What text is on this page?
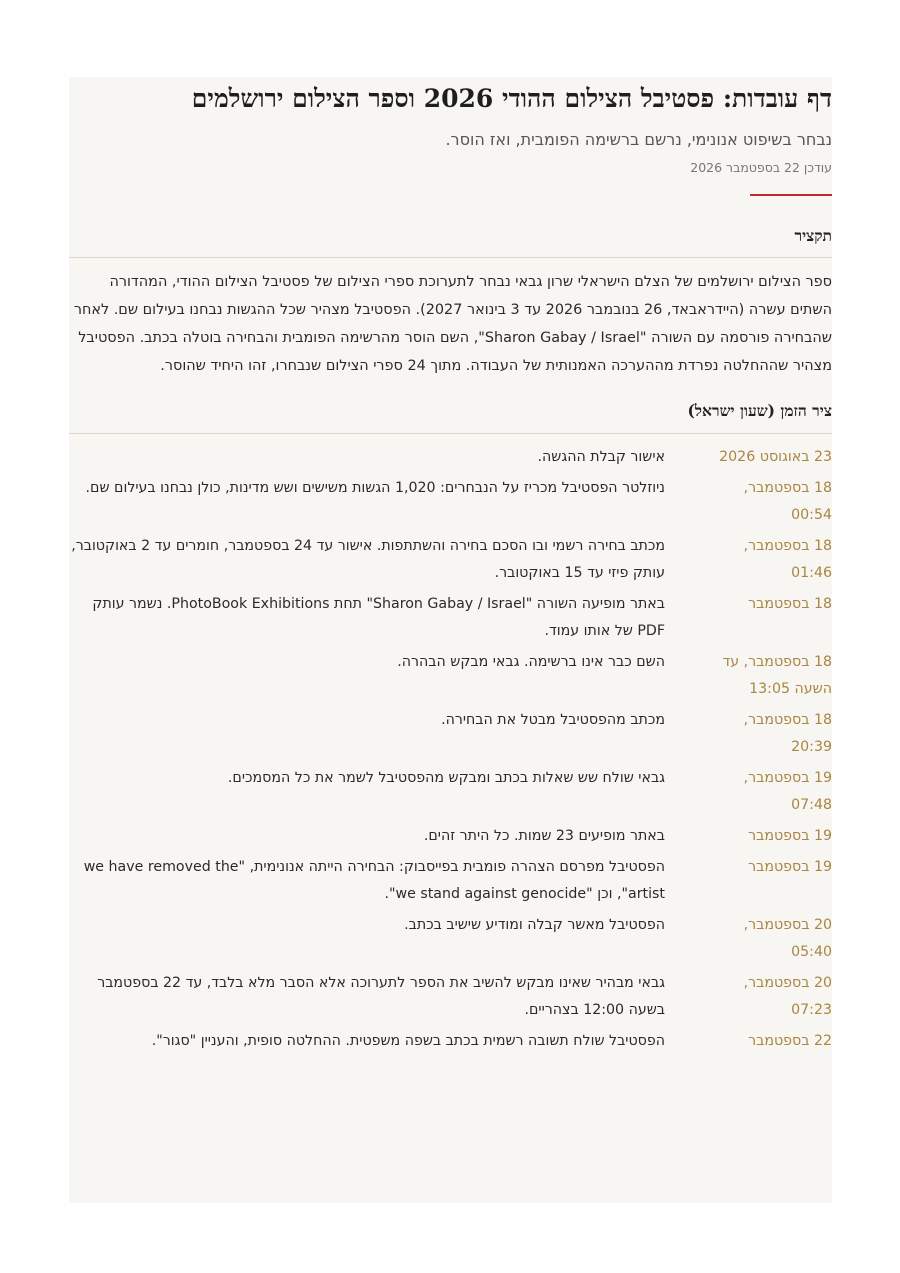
דף עובדות: פסטיבל הצילום ההודי 2026 וספר הצילום ירושלמים
נבחר בשיפוט אנונימי, נרשם ברשימה הפומבית, ואז הוסר.
עודכן 22 בספטמבר 2026
תקציר

ספר הצילום ירושלמים של הצלם הישראלי שרון גבאי נבחר לתערוכת ספרי הצילום של פסטיבל הצילום ההודי, המהדורה השתים עשרה (היידראבאד, 26 בנובמבר 2026 עד 3 בינואר 2027). הפסטיבל מצהיר שכל ההגשות נבחנו בעילום שם. לאחר שהבחירה פורסמה עם השורה "Sharon Gabay / Israel", השם הוסר מהרשימה הפומבית והבחירה בוטלה בכתב. הפסטיבל מצהיר שההחלטה נפרדת מההערכה האמנותית של העבודה. מתוך 24 ספרי הצילום שנבחרו, זהו היחיד שהוסר.

ציר הזמן (שעון ישראל)
23 באוגוסט 2026
אישור קבלת ההגשה.
18 בספטמבר, 00:54
ניוזלטר הפסטיבל מכריז על הנבחרים: 1,020 הגשות משישים ושש מדינות, כולן נבחנו בעילום שם.
18 בספטמבר, 01:46
מכתב בחירה רשמי ובו הסכם בחירה והשתתפות. אישור עד 24 בספטמבר, חומרים עד 2 באוקטובר, עותק פיזי עד 15 באוקטובר.
18 בספטמבר
באתר מופיעה השורה "Sharon Gabay / Israel" תחת PhotoBook Exhibitions. נשמר עותק PDF של אותו עמוד.
18 בספטמבר, עד השעה 13:05
השם כבר אינו ברשימה. גבאי מבקש הבהרה.
18 בספטמבר, 20:39
מכתב מהפסטיבל מבטל את הבחירה.
19 בספטמבר, 07:48
גבאי שולח שש שאלות בכתב ומבקש מהפסטיבל לשמר את כל המסמכים.
19 בספטמבר
באתר מופיעים 23 שמות. כל היתר זהים.
19 בספטמבר
הפסטיבל מפרסם הצהרה פומבית בפייסבוק: הבחירה הייתה אנונימית, "we have removed the artist", וכן "we stand against genocide".
20 בספטמבר, 05:40
הפסטיבל מאשר קבלה ומודיע שישיב בכתב.
20 בספטמבר, 07:23
גבאי מבהיר שאינו מבקש להשיב את הספר לתערוכה אלא הסבר מלא בלבד, עד 22 בספטמבר בשעה 12:00 בצהריים.
22 בספטמבר
הפסטיבל שולח תשובה רשמית בכתב בשפה משפטית. ההחלטה סופית, והעניין "סגור".
